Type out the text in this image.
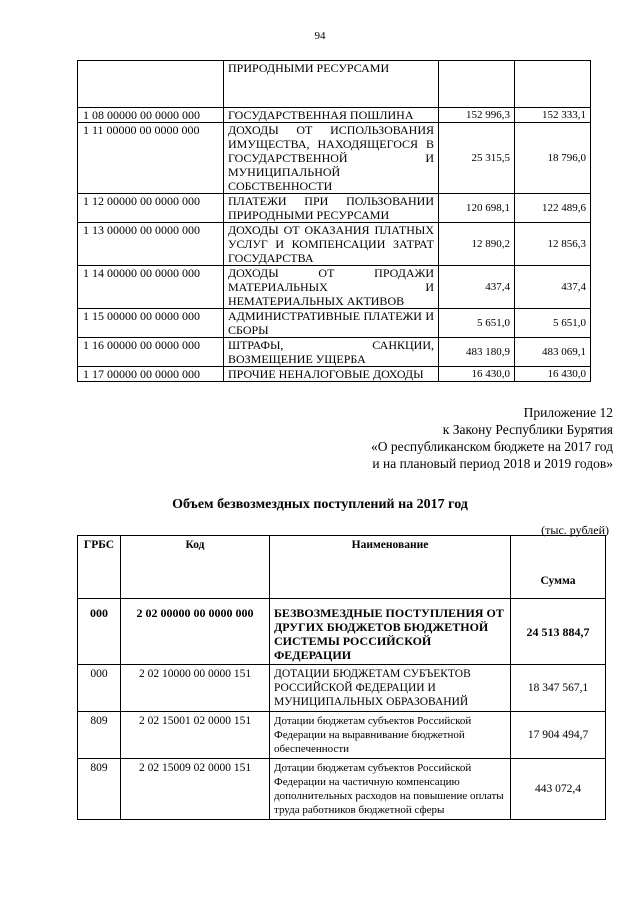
94
	ПРИРОДНЫМИ РЕСУРСАМИ		
1 08 00000 00 0000 000	ГОСУДАРСТВЕННАЯ ПОШЛИНА	152 996,3	152 333,1
1 11 00000 00 0000 000	ДОХОДЫ ОТ ИСПОЛЬЗОВАНИЯ ИМУЩЕСТВА, НАХОДЯЩЕГОСЯ В ГОСУДАРСТВЕННОЙ И МУНИЦИПАЛЬНОЙ СОБСТВЕННОСТИ	25 315,5	18 796,0
1 12 00000 00 0000 000	ПЛАТЕЖИ ПРИ ПОЛЬЗОВАНИИ ПРИРОДНЫМИ РЕСУРСАМИ	120 698,1	122 489,6
1 13 00000 00 0000 000	ДОХОДЫ ОТ ОКАЗАНИЯ ПЛАТНЫХ УСЛУГ И КОМПЕНСАЦИИ ЗАТРАТ ГОСУДАРСТВА	12 890,2	12 856,3
1 14 00000 00 0000 000	ДОХОДЫ ОТ ПРОДАЖИ МАТЕРИАЛЬНЫХ И НЕМАТЕРИАЛЬНЫХ АКТИВОВ	437,4	437,4
1 15 00000 00 0000 000	АДМИНИСТРАТИВНЫЕ ПЛАТЕЖИ И СБОРЫ	5 651,0	5 651,0
1 16 00000 00 0000 000	ШТРАФЫ, САНКЦИИ, ВОЗМЕЩЕНИЕ УЩЕРБА	483 180,9	483 069,1
1 17 00000 00 0000 000	ПРОЧИЕ НЕНАЛОГОВЫЕ ДОХОДЫ	16 430,0	16 430,0
Приложение 12
к Закону Республики Бурятия
«О республиканском бюджете на 2017 год
и на плановый период 2018 и 2019 годов»
Объем безвозмездных поступлений на 2017 год
(тыс. рублей)
ГРБС	Код	Наименование	Сумма
000	2 02 00000 00 0000 000	БЕЗВОЗМЕЗДНЫЕ ПОСТУПЛЕНИЯ ОТ ДРУГИХ БЮДЖЕТОВ БЮДЖЕТНОЙ СИСТЕМЫ РОССИЙСКОЙ ФЕДЕРАЦИИ	24 513 884,7
000	2 02 10000 00 0000 151	ДОТАЦИИ БЮДЖЕТАМ СУБЪЕКТОВ РОССИЙСКОЙ ФЕДЕРАЦИИ И МУНИЦИПАЛЬНЫХ ОБРАЗОВАНИЙ	18 347 567,1
809	2 02 15001 02 0000 151	Дотации бюджетам субъектов Российской Федерации на выравнивание бюджетной обеспеченности	17 904 494,7
809	2 02 15009 02 0000 151	Дотации бюджетам субъектов Российской Федерации на частичную компенсацию дополнительных расходов на повышение оплаты труда работников бюджетной сферы	443 072,4
